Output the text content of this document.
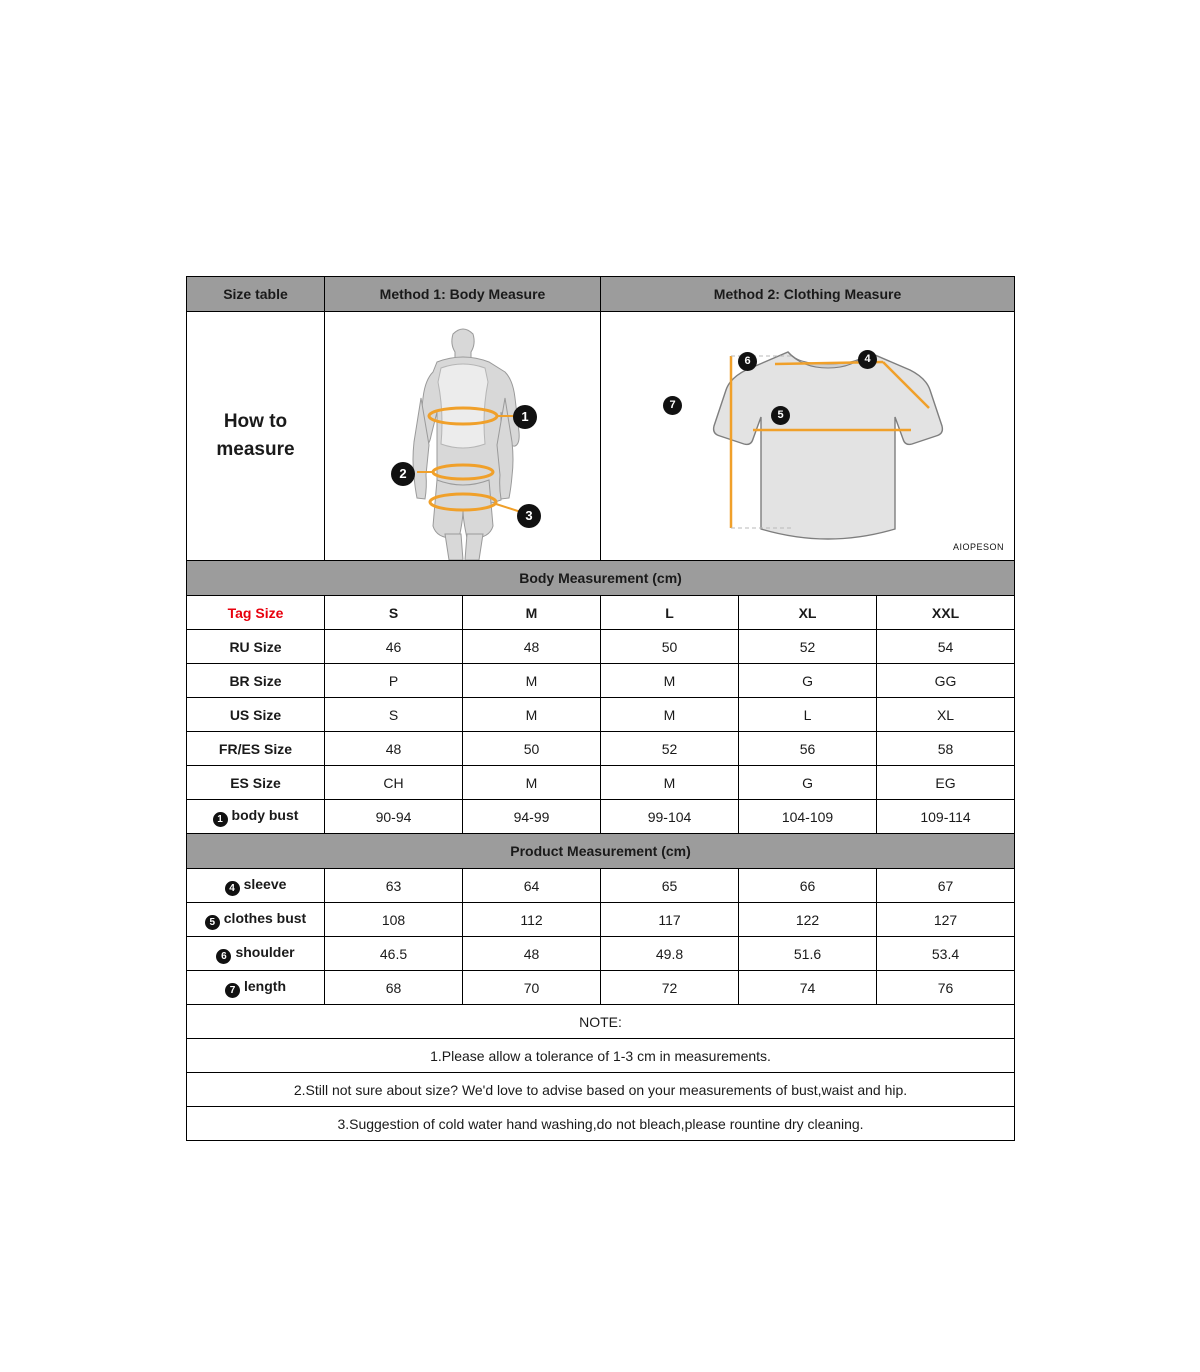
Size table	Method 1: Body Measure		Method 2: Clothing Measure		

How to
measure

1
2
3

6	4
7
5
AIOPESON

Body Measurement (cm)					
Tag Size	S	M	L	XL	XXL
RU Size	46	48	50	52	54
BR Size	P	M	M	G	GG
US Size	S	M	M	L	XL
FR/ES Size	48	50	52	56	58
ES Size	CH	M	M	G	EG
1 body bust	90-94	94-99	99-104	104-109	109-114
Product Measurement (cm)					
4 sleeve	63	64	65	66	67
5 clothes bust	108	112	117	122	127
6 shoulder	46.5	48	49.8	51.6	53.4
7 length	68	70	72	74	76
NOTE:					
1.Please allow a tolerance of 1-3 cm in measurements.					
2.Still not sure about size? We'd love to advise based on your measurements of bust,waist and hip.					
3.Suggestion of cold water hand washing,do not bleach,please rountine dry cleaning.					
